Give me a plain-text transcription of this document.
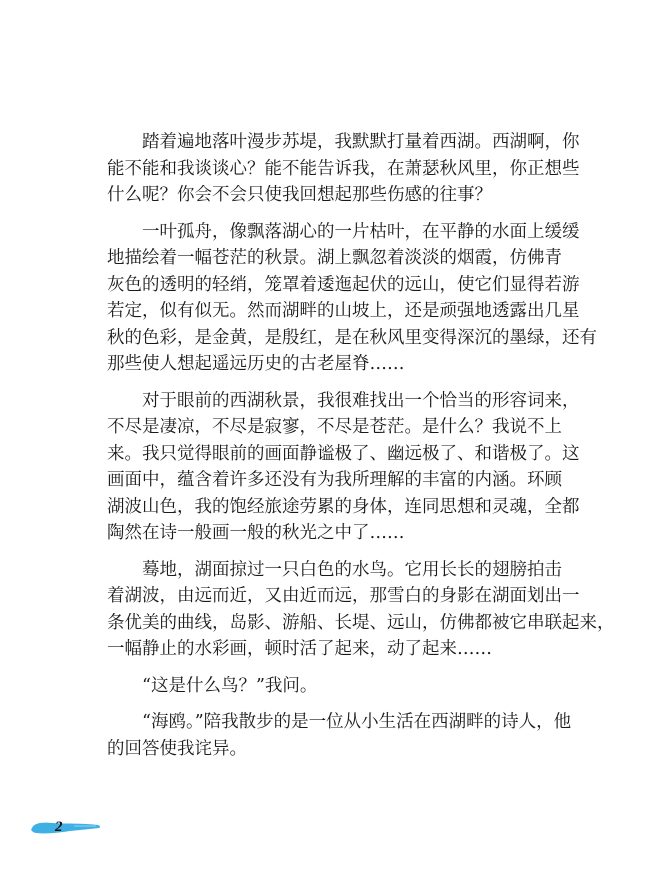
踏着遍地落叶漫步苏堤，我默默打量着西湖。西湖啊，你
能不能和我谈谈心？能不能告诉我，在萧瑟秋风里，你正想些
什么呢？你会不会只使我回想起那些伤感的往事？
一叶孤舟，像飘落湖心的一片枯叶，在平静的水面上缓缓
地描绘着一幅苍茫的秋景。湖上飘忽着淡淡的烟霞，仿佛青
灰色的透明的轻绡，笼罩着逶迤起伏的远山，使它们显得若游
若定，似有似无。然而湖畔的山坡上，还是顽强地透露出几星
秋的色彩，是金黄，是殷红，是在秋风里变得深沉的墨绿，还有
那些使人想起遥远历史的古老屋脊……
对于眼前的西湖秋景，我很难找出一个恰当的形容词来，
不尽是凄凉，不尽是寂寥，不尽是苍茫。是什么？我说不上
来。我只觉得眼前的画面静谧极了、幽远极了、和谐极了。这
画面中，蕴含着许多还没有为我所理解的丰富的内涵。环顾
湖波山色，我的饱经旅途劳累的身体，连同思想和灵魂，全都
陶然在诗一般画一般的秋光之中了……
蓦地，湖面掠过一只白色的水鸟。它用长长的翅膀拍击
着湖波，由远而近，又由近而远，那雪白的身影在湖面划出一
条优美的曲线，岛影、游船、长堤、远山，仿佛都被它串联起来，
一幅静止的水彩画，顿时活了起来，动了起来……
“这是什么鸟？”我问。
“海鸥。”陪我散步的是一位从小生活在西湖畔的诗人，他
的回答使我诧异。
2
